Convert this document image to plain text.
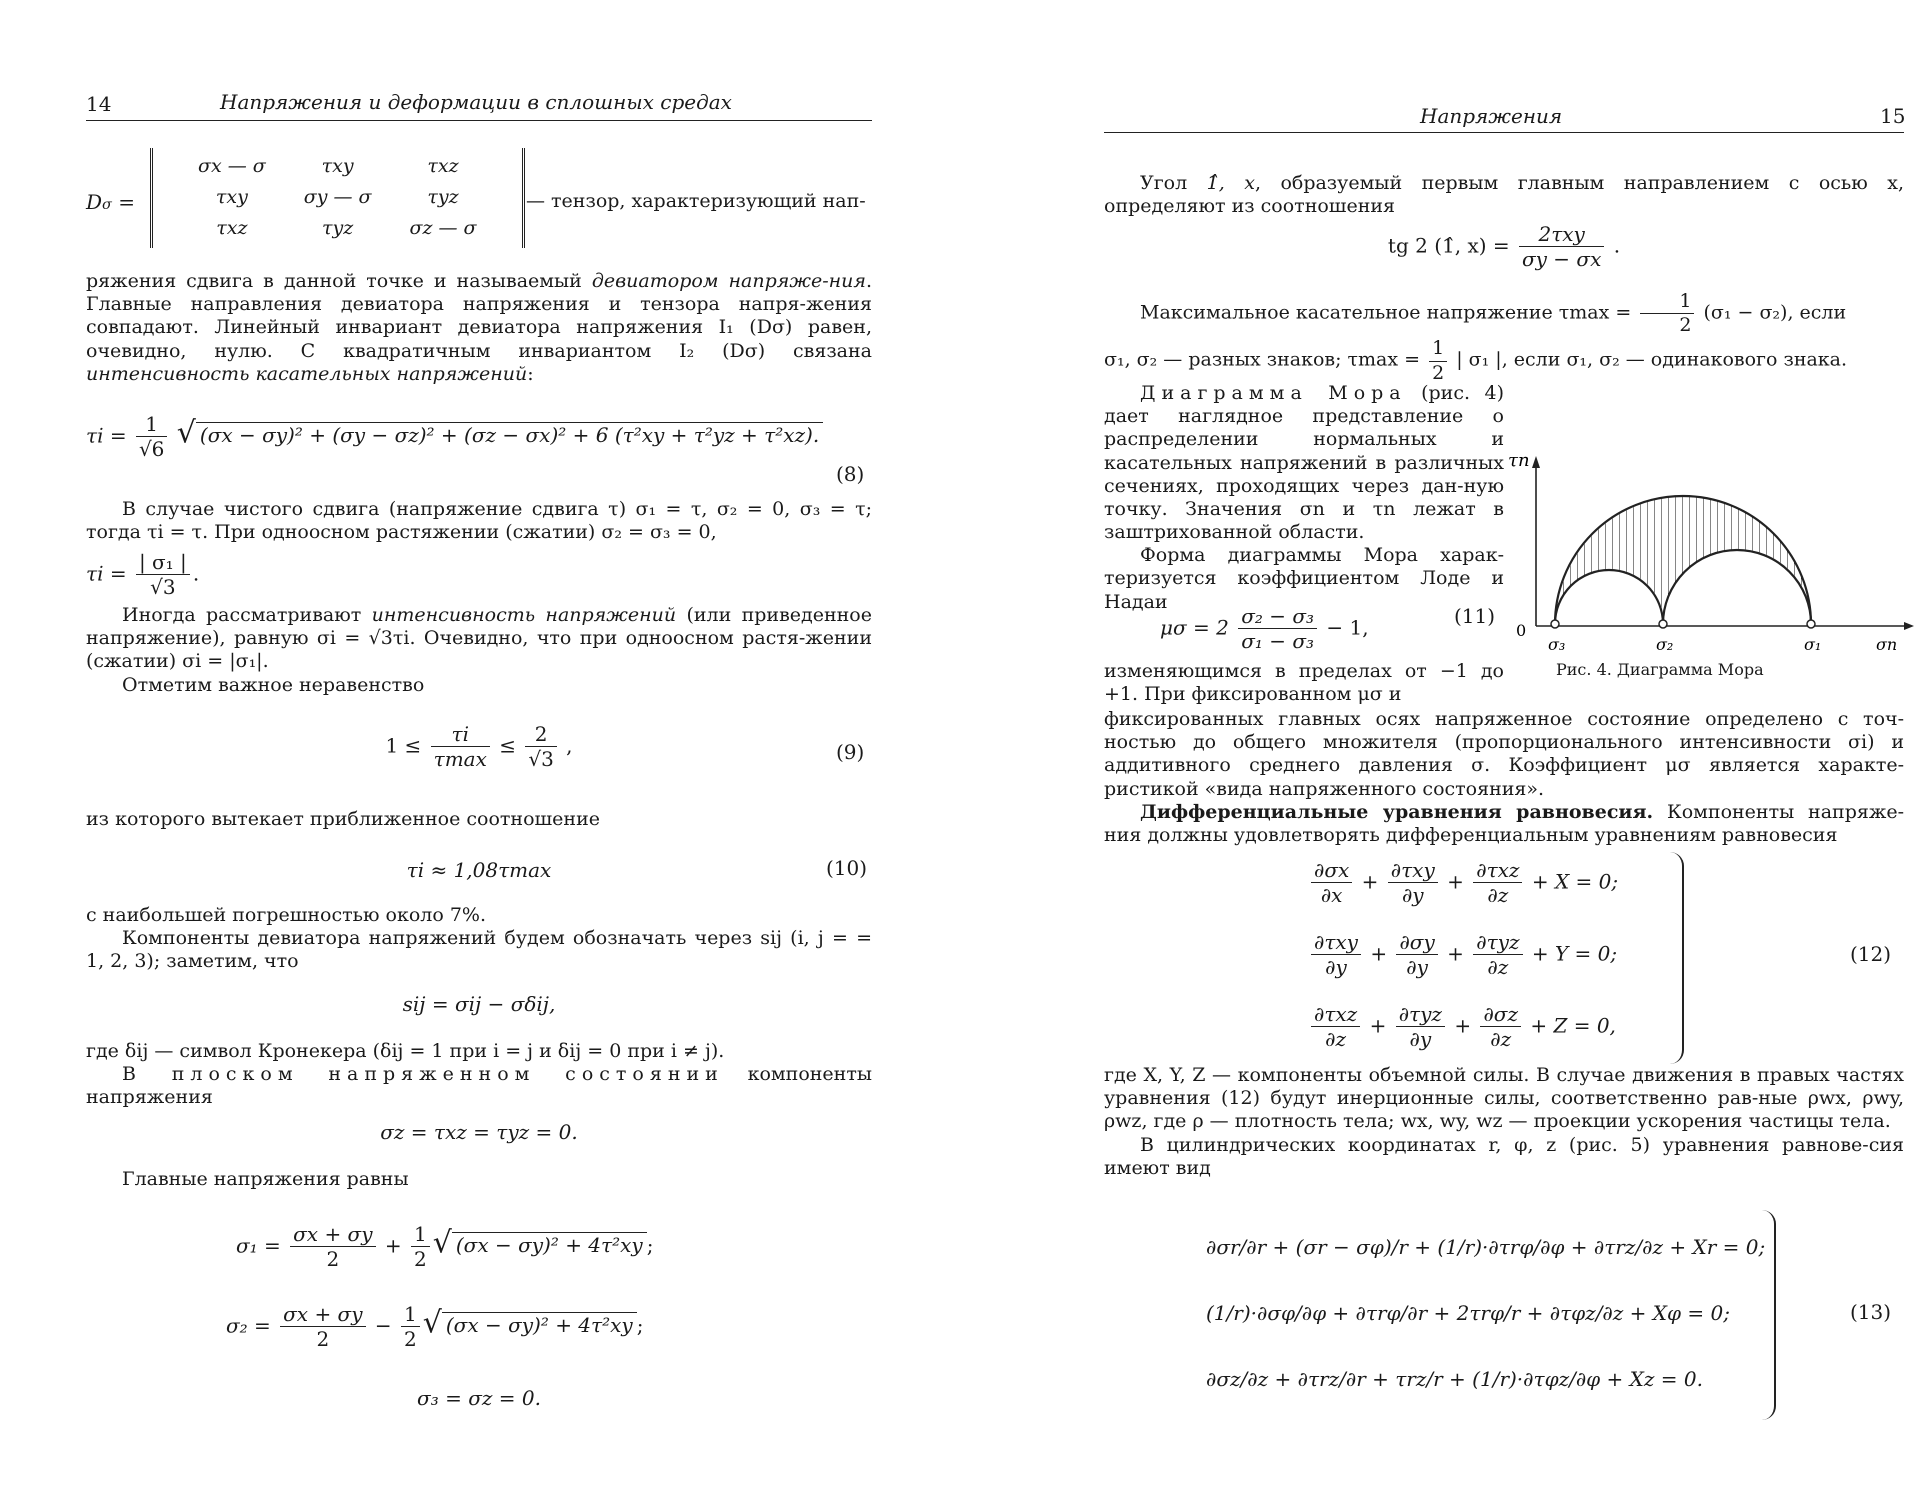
14	Напряжения и деформации в сплошных средах
Dσ =
σx — σ	τxy	τxz
τxy	σy — σ	τyz
τxz	τyz	σz — σ
— тензор, характеризующий нап-

ряжения сдвига в данной точке и называемый девиатором напряже-ния. Главные направления девиатора напряжения и тензора напря-жения совпадают. Линейный инвариант девиатора напряжения I₁ (Dσ) равен, очевидно, нулю. С квадратичным инвариантом I₂ (Dσ) связана интенсивность касательных напряжений:

$\tau i = \frac{1}{√6}$ √ (σx − σy)² + (σy − σz)² + (σz − σx)² + 6 (τ²xy + τ²yz + τ²xz).
(8)

В случае чистого сдвига (напряжение сдвига τ) σ₁ = τ, σ₂ = 0, σ₃ = τ; тогда τi = τ. При одноосном растяжении (сжатии) σ₂ = σ₃ = 0,

$\tau i = \frac{\text{| σ₁ |}}{√3}$ .

Иногда рассматривают интенсивность напряжений (или приведенное напряжение), равную σi = √3τi. Очевидно, что при одноосном растя-жении (сжатии) σi = |σ₁|.

Отметим важное неравенство

$1 \le \frac{\tau i}{\tau\max} \le \frac{2}{√3}$ ,	(9)

из которого вытекает приближенное соотношение

τi ≈ 1,08τmax	(10)

с наибольшей погрешностью около 7%.

Компоненты девиатора напряжений будем обозначать через sij (i, j = = 1, 2, 3); заметим, что

sij = σij − σδij,

где δij — символ Кронекера (δij = 1 при i = j и δij = 0 при i ≠ j).

В плоском напряженном состоянии компоненты напряжения

σz = τxz = τyz = 0.

Главные напряжения равны

$\sigma_1 = \frac{\sigma x + \sigma y}{2} + \frac{1}{2}$ √ (σx − σy)² + 4τ²xy ;
$\sigma_2 = \frac{\sigma x + \sigma y}{2} - \frac{1}{2}$ √ (σx − σy)² + 4τ²xy ;
σ₃ = σz = 0.
Напряжения	15

Угол 1̂, x, образуемый первым главным направлением с осью x, определяют из соотношения

tg 2 (1̂, $x) = \frac{\text{2τxy}}{\sigma y - \sigma x}$ .

Максимальное касательное напряжение $\tau\max = \frac{1}{2} (\sigma_1 - \sigma_2)$, если

σ₁, σ₂ — разных знаков; $\tau\max = \frac{1}{2}$ | σ₁ |, если σ₁, σ₂ — одинакового знака.

Диаграмма Мора (рис. 4) дает наглядное представление о распределении нормальных и касательных напряжений в различных сечениях, проходящих через дан-ную точку. Значения σn и τn лежат в заштрихованной области.

Форма диаграммы Мора харак-теризуется коэффициентом Лоде и Надаи

$\mu\sigma = 2 \frac{\text{σ₂ − σ₃}}{\text{σ₁ − σ₃}} - 1$,	(11)
τn
0
σ₃	σ₂	σ₁	σn
Рис. 4. Диаграмма Мора

изменяющимся в пределах от −1 до +1. При фиксированном μσ и

фиксированных главных осях напряженное состояние определено с точ-ностью до общего множителя (пропорционального интенсивности σi) и аддитивного среднего давления σ. Коэффициент μσ является характе-ристикой «вида напряженного состояния».

Дифференциальные уравнения равновесия. Компоненты напряже-ния должны удовлетворять дифференциальным уравнениям равновесия

$\frac{\partial\sigma x}{\partial x} + \frac{\text{∂τxy}}{\partial y} + \frac{\text{∂τxz}}{\partial z} + X = 0$;
$\frac{\text{∂τxy}}{\partial y} + \frac{\partial\sigma y}{\partial y} + \frac{\text{∂τyz}}{\partial z} + Y = 0$;
$\frac{\text{∂τxz}}{\partial z} + \frac{\text{∂τyz}}{\partial y} + \frac{\partial\sigma z}{\partial z} + Z = 0$,
(12)

где X, Y, Z — компоненты объемной силы. В случае движения в правых частях уравнения (12) будут инерционные силы, соответственно рав-ные ρwx, ρwy, ρwz, где ρ — плотность тела; wx, wy, wz — проекции ускорения частицы тела.

В цилиндрических координатах r, φ, z (рис. 5) уравнения равнове-сия имеют вид

∂σr/∂r + (σr − σφ)/r + (1/r)·∂τrφ/∂φ + ∂τrz/∂z + Xr = 0;
(1/r)·∂σφ/∂φ + ∂τrφ/∂r + 2τrφ/r + ∂τφz/∂z + Xφ = 0;
∂σz/∂z + ∂τrz/∂r + τrz/r + (1/r)·∂τφz/∂φ + Xz = 0.
(13)
